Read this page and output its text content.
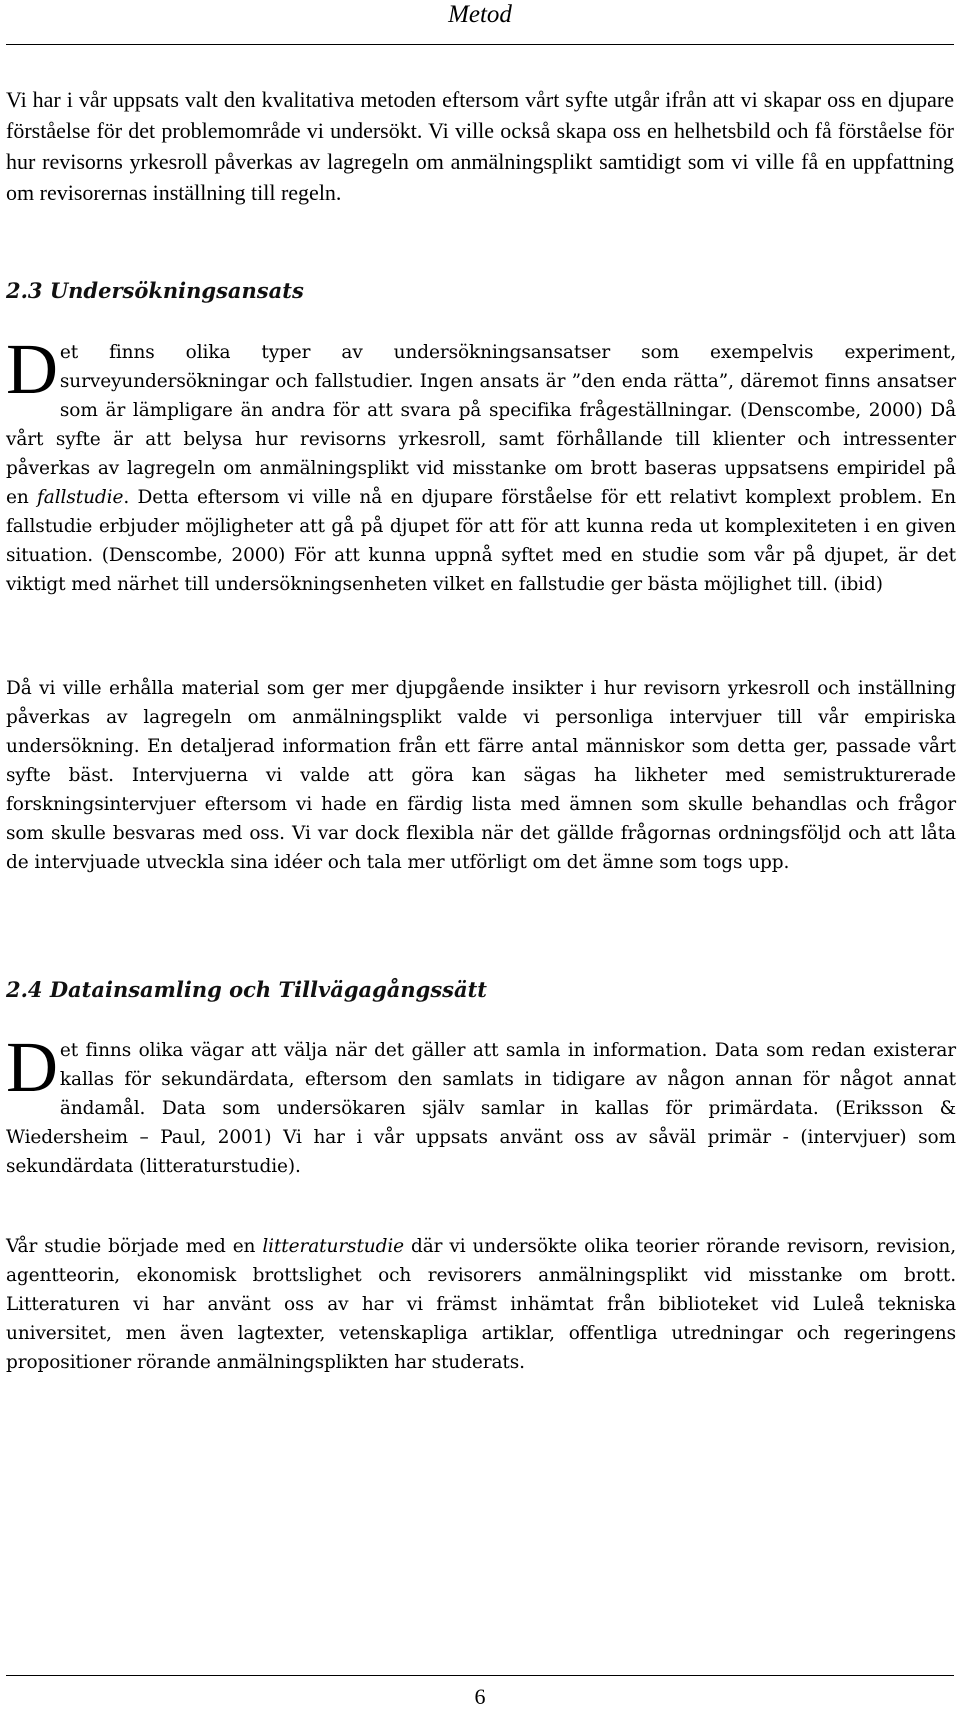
Metod

Vi har i vår uppsats valt den kvalitativa metoden eftersom vårt syfte utgår ifrån att vi skapar oss en djupare förståelse för det problemområde vi undersökt. Vi ville också skapa oss en helhetsbild och få förståelse för hur revisorns yrkesroll påverkas av lagregeln om anmälningsplikt samtidigt som vi ville få en uppfattning om revisorernas inställning till regeln.

2.3 Undersökningsansats

Det finns olika typer av undersökningsansatser som exempelvis experiment, surveyundersökningar och fallstudier. Ingen ansats är ”den enda rätta”, däremot finns ansatser som är lämpligare än andra för att svara på specifika frågeställningar. (Denscombe, 2000) Då vårt syfte är att belysa hur revisorns yrkesroll, samt förhållande till klienter och intressenter påverkas av lagregeln om anmälningsplikt vid misstanke om brott baseras uppsatsens empiridel på en fallstudie. Detta eftersom vi ville nå en djupare förståelse för ett relativt komplext problem. En fallstudie erbjuder möjligheter att gå på djupet för att för att kunna reda ut komplexiteten i en given situation. (Denscombe, 2000) För att kunna uppnå syftet med en studie som vår på djupet, är det viktigt med närhet till undersökningsenheten vilket en fallstudie ger bästa möjlighet till. (ibid)

Då vi ville erhålla material som ger mer djupgående insikter i hur revisorn yrkesroll och inställning påverkas av lagregeln om anmälningsplikt valde vi personliga intervjuer till vår empiriska undersökning. En detaljerad information från ett färre antal människor som detta ger, passade vårt syfte bäst. Intervjuerna vi valde att göra kan sägas ha likheter med semistrukturerade forskningsintervjuer eftersom vi hade en färdig lista med ämnen som skulle behandlas och frågor som skulle besvaras med oss. Vi var dock flexibla när det gällde frågornas ordningsföljd och att låta de intervjuade utveckla sina idéer och tala mer utförligt om det ämne som togs upp.

2.4 Datainsamling och Tillvägagångssätt

Det finns olika vägar att välja när det gäller att samla in information. Data som redan existerar kallas för sekundärdata, eftersom den samlats in tidigare av någon annan för något annat ändamål. Data som undersökaren själv samlar in kallas för primärdata. (Eriksson & Wiedersheim – Paul, 2001) Vi har i vår uppsats använt oss av såväl primär - (intervjuer) som sekundärdata (litteraturstudie).

Vår studie började med en litteraturstudie där vi undersökte olika teorier rörande revisorn, revision, agentteorin, ekonomisk brottslighet och revisorers anmälningsplikt vid misstanke om brott. Litteraturen vi har använt oss av har vi främst inhämtat från biblioteket vid Luleå tekniska universitet, men även lagtexter, vetenskapliga artiklar, offentliga utredningar och regeringens propositioner rörande anmälningsplikten har studerats.

6
